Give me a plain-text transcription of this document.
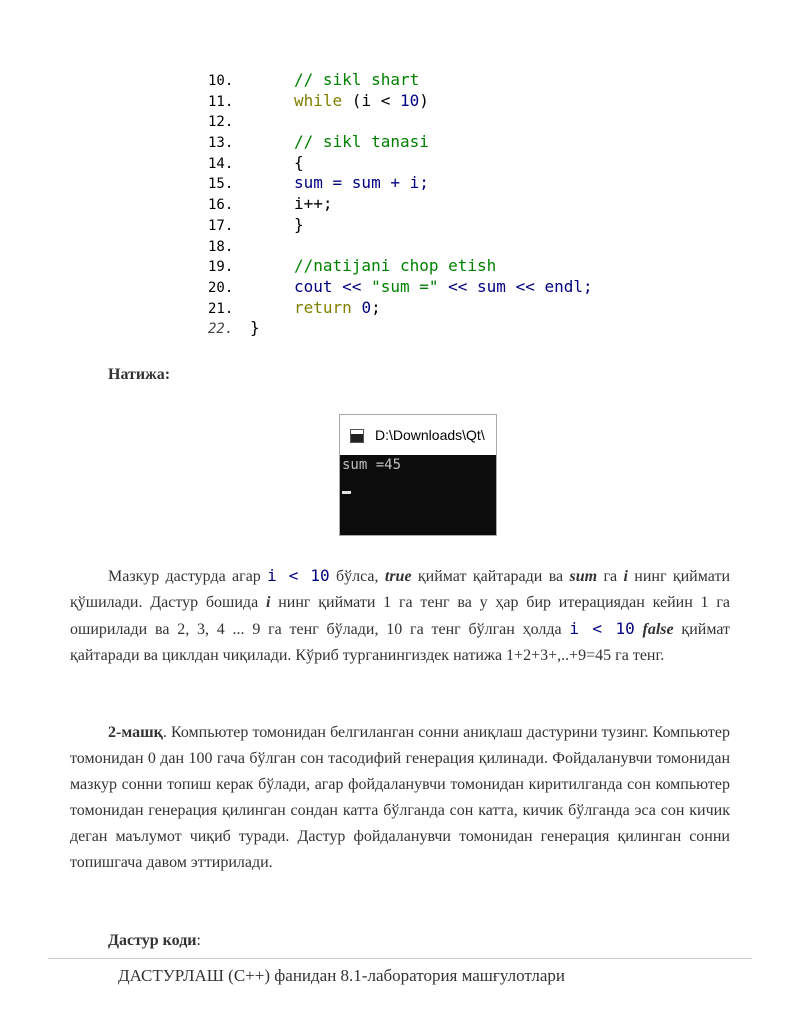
10.	// sikl shart
11.	while (i < 10)
12.
13.	// sikl tanasi
14.	{
15.	sum = sum + i;
16.	i++;
17.	}
18.
19.	//natijani chop etish
20.	cout << "sum =" << sum << endl;
21.	return 0;
22. }
Натижа:
D:\Downloads\Qt\
sum =45
Мазкур дастурда агар i < 10 бўлса, true қиймат қайтаради ва sum га i нинг қиймати қўшилади. Дастур бошида i нинг қиймати 1 га тенг ва у ҳар бир итерациядан кейин 1 га оширилади ва 2, 3, 4 ... 9 га тенг бўлади, 10 га тенг бўлган ҳолда i < 10 false қиймат қайтаради ва циклдан чиқилади. Кўриб турганингиздек натижа 1+2+3+,..+9=45 га тенг.
2-машқ. Компьютер томонидан белгиланган сонни аниқлаш дастурини тузинг. Компьютер томонидан 0 дан 100 гача бўлган сон тасодифий генерация қилинади. Фойдаланувчи томонидан мазкур сонни топиш керак бўлади, агар фойдаланувчи томонидан киритилганда сон компьютер томонидан генерация қилинган сондан катта бўлганда сон катта, кичик бўлганда эса сон кичик деган маълумот чиқиб туради. Дастур фойдаланувчи томонидан генерация қилинган сонни топишгача давом эттирилади.
Дастур коди:
ДАСТУРЛАШ (С++) фанидан 8.1-лаборатория машғулотлари
